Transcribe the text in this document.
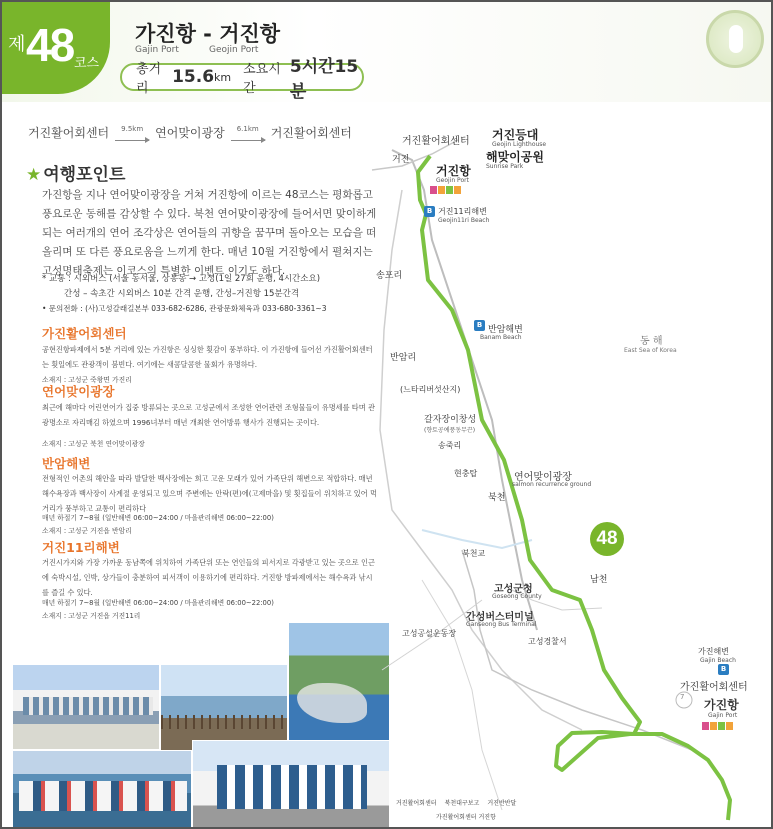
제 48 코스
가진항 - 거진항
Gajin Port	Geojin Port
총거리
15.6 km 소요시간
5시간15분
거진활어회센터 9.5km 연어맞이광장 6.1km 거진활어회센터
★ 여행포인트
가진항을 지나 연어맞이광장을 거쳐 거진항에 이르는 48코스는 평화롭고 풍요로운 동해를 감상할 수 있다. 북천 연어맞이광장에 들어서면 맞이하게 되는 여러개의 연어 조각상은 연어들의 귀향을 꿈꾸며 돌아오는 모습을 떠올리며 또 다른 풍요로움을 느끼게 한다. 매년 10월 거진항에서 펼쳐지는 고성명태축제는 이코스의 특별한 이벤트 이기도 하다.
* 교통 : 시외버스 (서울 동서울, 상봉동 → 고성(1일 27회 운행, 4시간소요)
간성 – 속초간 시외버스 10분 간격 운행, 간성–거진항 15분간격
• 문의전화 : (사)고성갈래길본부 033-682-6286, 관광문화체육과 033-680-3361~3
가진활어회센터
공현진항파제에서 5분 거리에 있는 가진항은 싱싱한 횟감이 풍부하다. 이 가진항에 들어선 가진활어회센터는 횟일에도 관광객이 붐빈다. 여기에는 새콤달콤한 물회가 유명하다.
소재지 : 고성군 죽왕면 가진리
연어맞이광장
최근에 해마다 어린연어가 집중 방류되는 곳으로 고성군에서 조성한 연어관련 조형물들이 유명세를 타며 관광명소로 자리매김 하였으며 1996녀부터 매년 개최한 연어방류 행사가 진행되는 곳이다.
소재지 : 고성군 북천 연어맞이광장
반암해변
전형적인 어촌의 해안을 따라 발달한 백사장에는 희고 고운 모래가 있어 가족단위 해변으로 적합하다. 매년 해수욕장과 백사장이 사계절 운영되고 있으며 주변에는 안락(편)에(고제마을) 및 횟집들이 위치하고 있어 먹거리가 풍부하고 교통이 편리하다
매년 하절기 7~8월 (일반해변 06:00~24:00 / 마을관리해변 06:00~22:00)
소재지 : 고성군 거진읍 반암리
거진11리해변
거진시가지와 가장 가까운 동남쪽에 위치하여 가족단위 또는 연인들의 피서지로 각광받고 있는 곳으로 인근에 숙박시설, 인박, 상가들이 충분하여 피서객이 이용하기에 편리하다. 거진항 방파제에서는 해수욕과 낚시를 즐길 수 있다.
매년 하절기 7~8월 (일반해변 06:00~24:00 / 마을관리해변 06:00~22:00)
소재지 : 고성군 거진읍 거진11리
거진활어회센터
거진
거진등대
Geojin Lighthouse
해맞이공원
Sunrise Park
거진항
Geojin Port
B 거진11리해변
Geojin11ri Beach
송포리
B 반암해변
Banam Beach	동 해
East Sea of Korea
반암리
(느타리버섯산지)
갈자장이창성
(향토공예풍동무끈)
송죽리
현충탑	연어맞이광장
salmon recurrence ground
북천
48
북천교
남천
고성군청
Goseong County
간성버스터미널
Ganseong Bus Terminal
고성공설운동장
고성경찰서
가진해변
Gajin Beach
B
가진활어회센터
가진항
Gajin Port
7
거진활어회센터 북천대구보고 거진반반달
가진활어회센터 거진항
